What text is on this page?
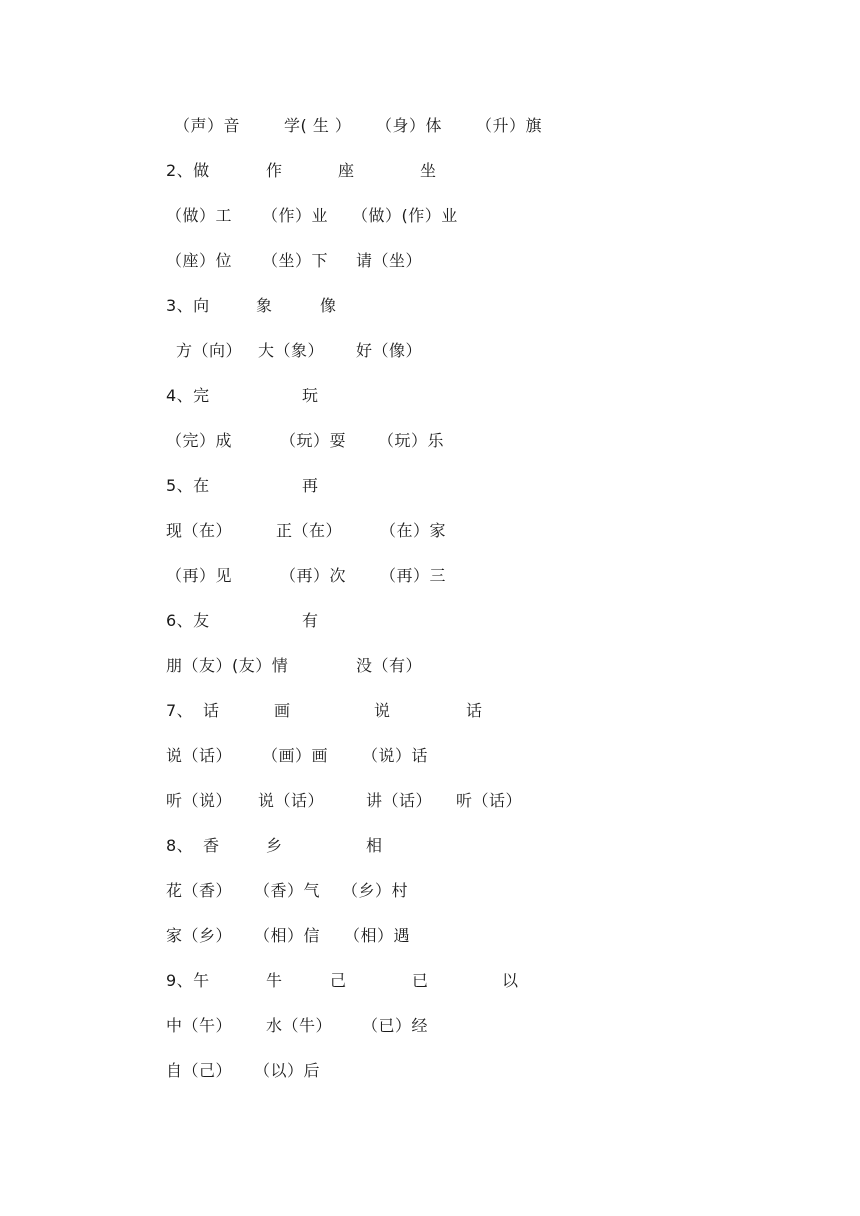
（声）音	学( 生 ） （身）体 （升）旗
2、做	作	座	坐
（做）工 （作）业 （做）(作）业
（座）位 （坐）下 请（坐）
3、向	象	像
方（向） 大（象） 好（像）
4、完	玩
（完）成	（玩）耍 （玩）乐
5、在	再
现（在）	正（在） （在）家
（再）见	（再）次 （再）三
6、友	有
朋（友）(友）情	没（有）
7、 话	画	说	话
说（话） （画）画 （说）话
听（说） 说（话）	讲（话） 听（话）
8、 香	乡	相
花（香） （香）气 （乡）村
家（乡） （相）信 （相）遇
9、午	牛	己	已	以
中（午） 水（牛） （已）经
自（己） （以）后
